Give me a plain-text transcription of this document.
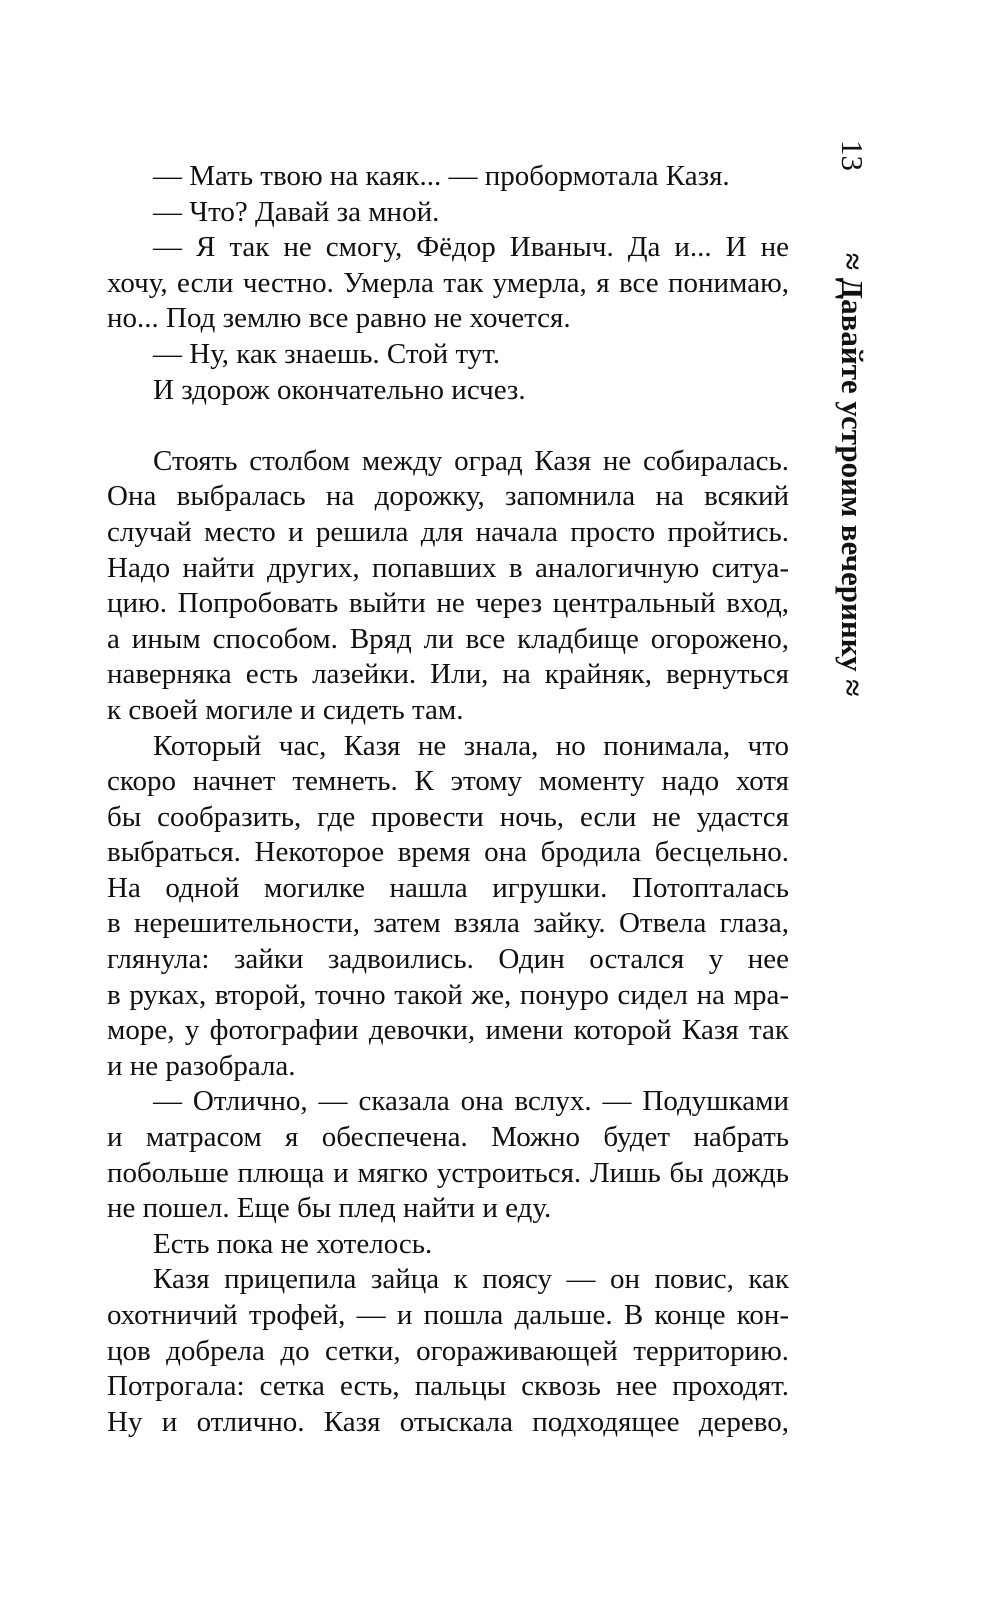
— Мать твою на каяк... — пробормотала Казя.
— Что? Давай за мной.
— Я так не смогу, Фёдор Иваныч. Да и... И не
хочу, если честно. Умерла так умерла, я все понимаю,
но... Под землю все равно не хочется.
— Ну, как знаешь. Стой тут.
И здорож окончательно исчез.
Стоять столбом между оград Казя не собиралась.
Она выбралась на дорожку, запомнила на всякий
случай место и решила для начала просто пройтись.
Надо найти других, попавших в аналогичную ситуа-
цию. Попробовать выйти не через центральный вход,
а иным способом. Вряд ли все кладбище огорожено,
наверняка есть лазейки. Или, на крайняк, вернуться
к своей могиле и сидеть там.
Который час, Казя не знала, но понимала, что
скоро начнет темнеть. К этому моменту надо хотя
бы сообразить, где провести ночь, если не удастся
выбраться. Некоторое время она бродила бесцельно.
На одной могилке нашла игрушки. Потопталась
в нерешительности, затем взяла зайку. Отвела глаза,
глянула: зайки задвоились. Один остался у нее
в руках, второй, точно такой же, понуро сидел на мра-
море, у фотографии девочки, имени которой Казя так
и не разобрала.
— Отлично, — сказала она вслух. — Подушками
и матрасом я обеспечена. Можно будет набрать
побольше плюща и мягко устроиться. Лишь бы дождь
не пошел. Еще бы плед найти и еду.
Есть пока не хотелось.
Казя прицепила зайца к поясу — он повис, как
охотничий трофей, — и пошла дальше. В конце кон-
цов добрела до сетки, огораживающей территорию.
Потрогала: сетка есть, пальцы сквозь нее проходят.
Ну и отлично. Казя отыскала подходящее дерево,
13
≈ Давайте устроим вечеринку ≈
